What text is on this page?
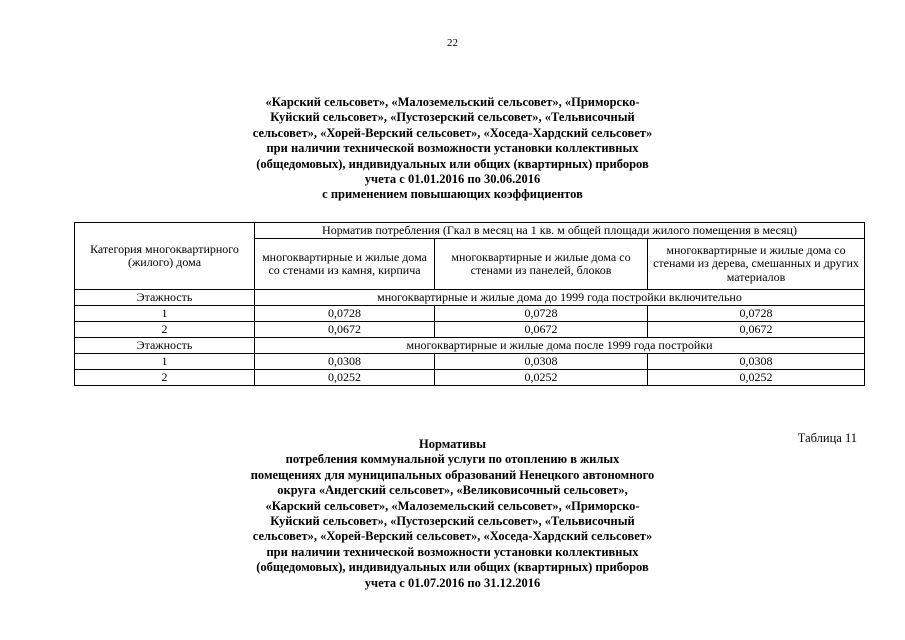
22
«Карский сельсовет», «Малоземельский сельсовет», «Приморско-
Куйский сельсовет», «Пустозерский сельсовет», «Тельвисочный
сельсовет», «Хорей-Верский сельсовет», «Хоседа-Хардский сельсовет»
при наличии технической возможности установки коллективных
(общедомовых), индивидуальных или общих (квартирных) приборов
учета с 01.01.2016 по 30.06.2016
с применением повышающих коэффициентов
Категория многоквартирного (жилого) дома	Норматив потребления (Гкал в месяц на 1 кв. м общей площади жилого помещения в месяц)		
	многоквартирные и жилые дома со стенами из камня, кирпича	многоквартирные и жилые дома со стенами из панелей, блоков	многоквартирные и жилые дома со стенами из дерева, смешанных и других материалов
Этажность	многоквартирные и жилые дома до 1999 года постройки включительно		
1	0,0728	0,0728	0,0728
2	0,0672	0,0672	0,0672
Этажность	многоквартирные и жилые дома после 1999 года постройки		
1	0,0308	0,0308	0,0308
2	0,0252	0,0252	0,0252
Таблица 11
Нормативы
потребления коммунальной услуги по отоплению в жилых
помещениях для муниципальных образований Ненецкого автономного
округа «Андегский сельсовет», «Великовисочный сельсовет»,
«Карский сельсовет», «Малоземельский сельсовет», «Приморско-
Куйский сельсовет», «Пустозерский сельсовет», «Тельвисочный
сельсовет», «Хорей-Верский сельсовет», «Хоседа-Хардский сельсовет»
при наличии технической возможности установки коллективных
(общедомовых), индивидуальных или общих (квартирных) приборов
учета с 01.07.2016 по 31.12.2016
